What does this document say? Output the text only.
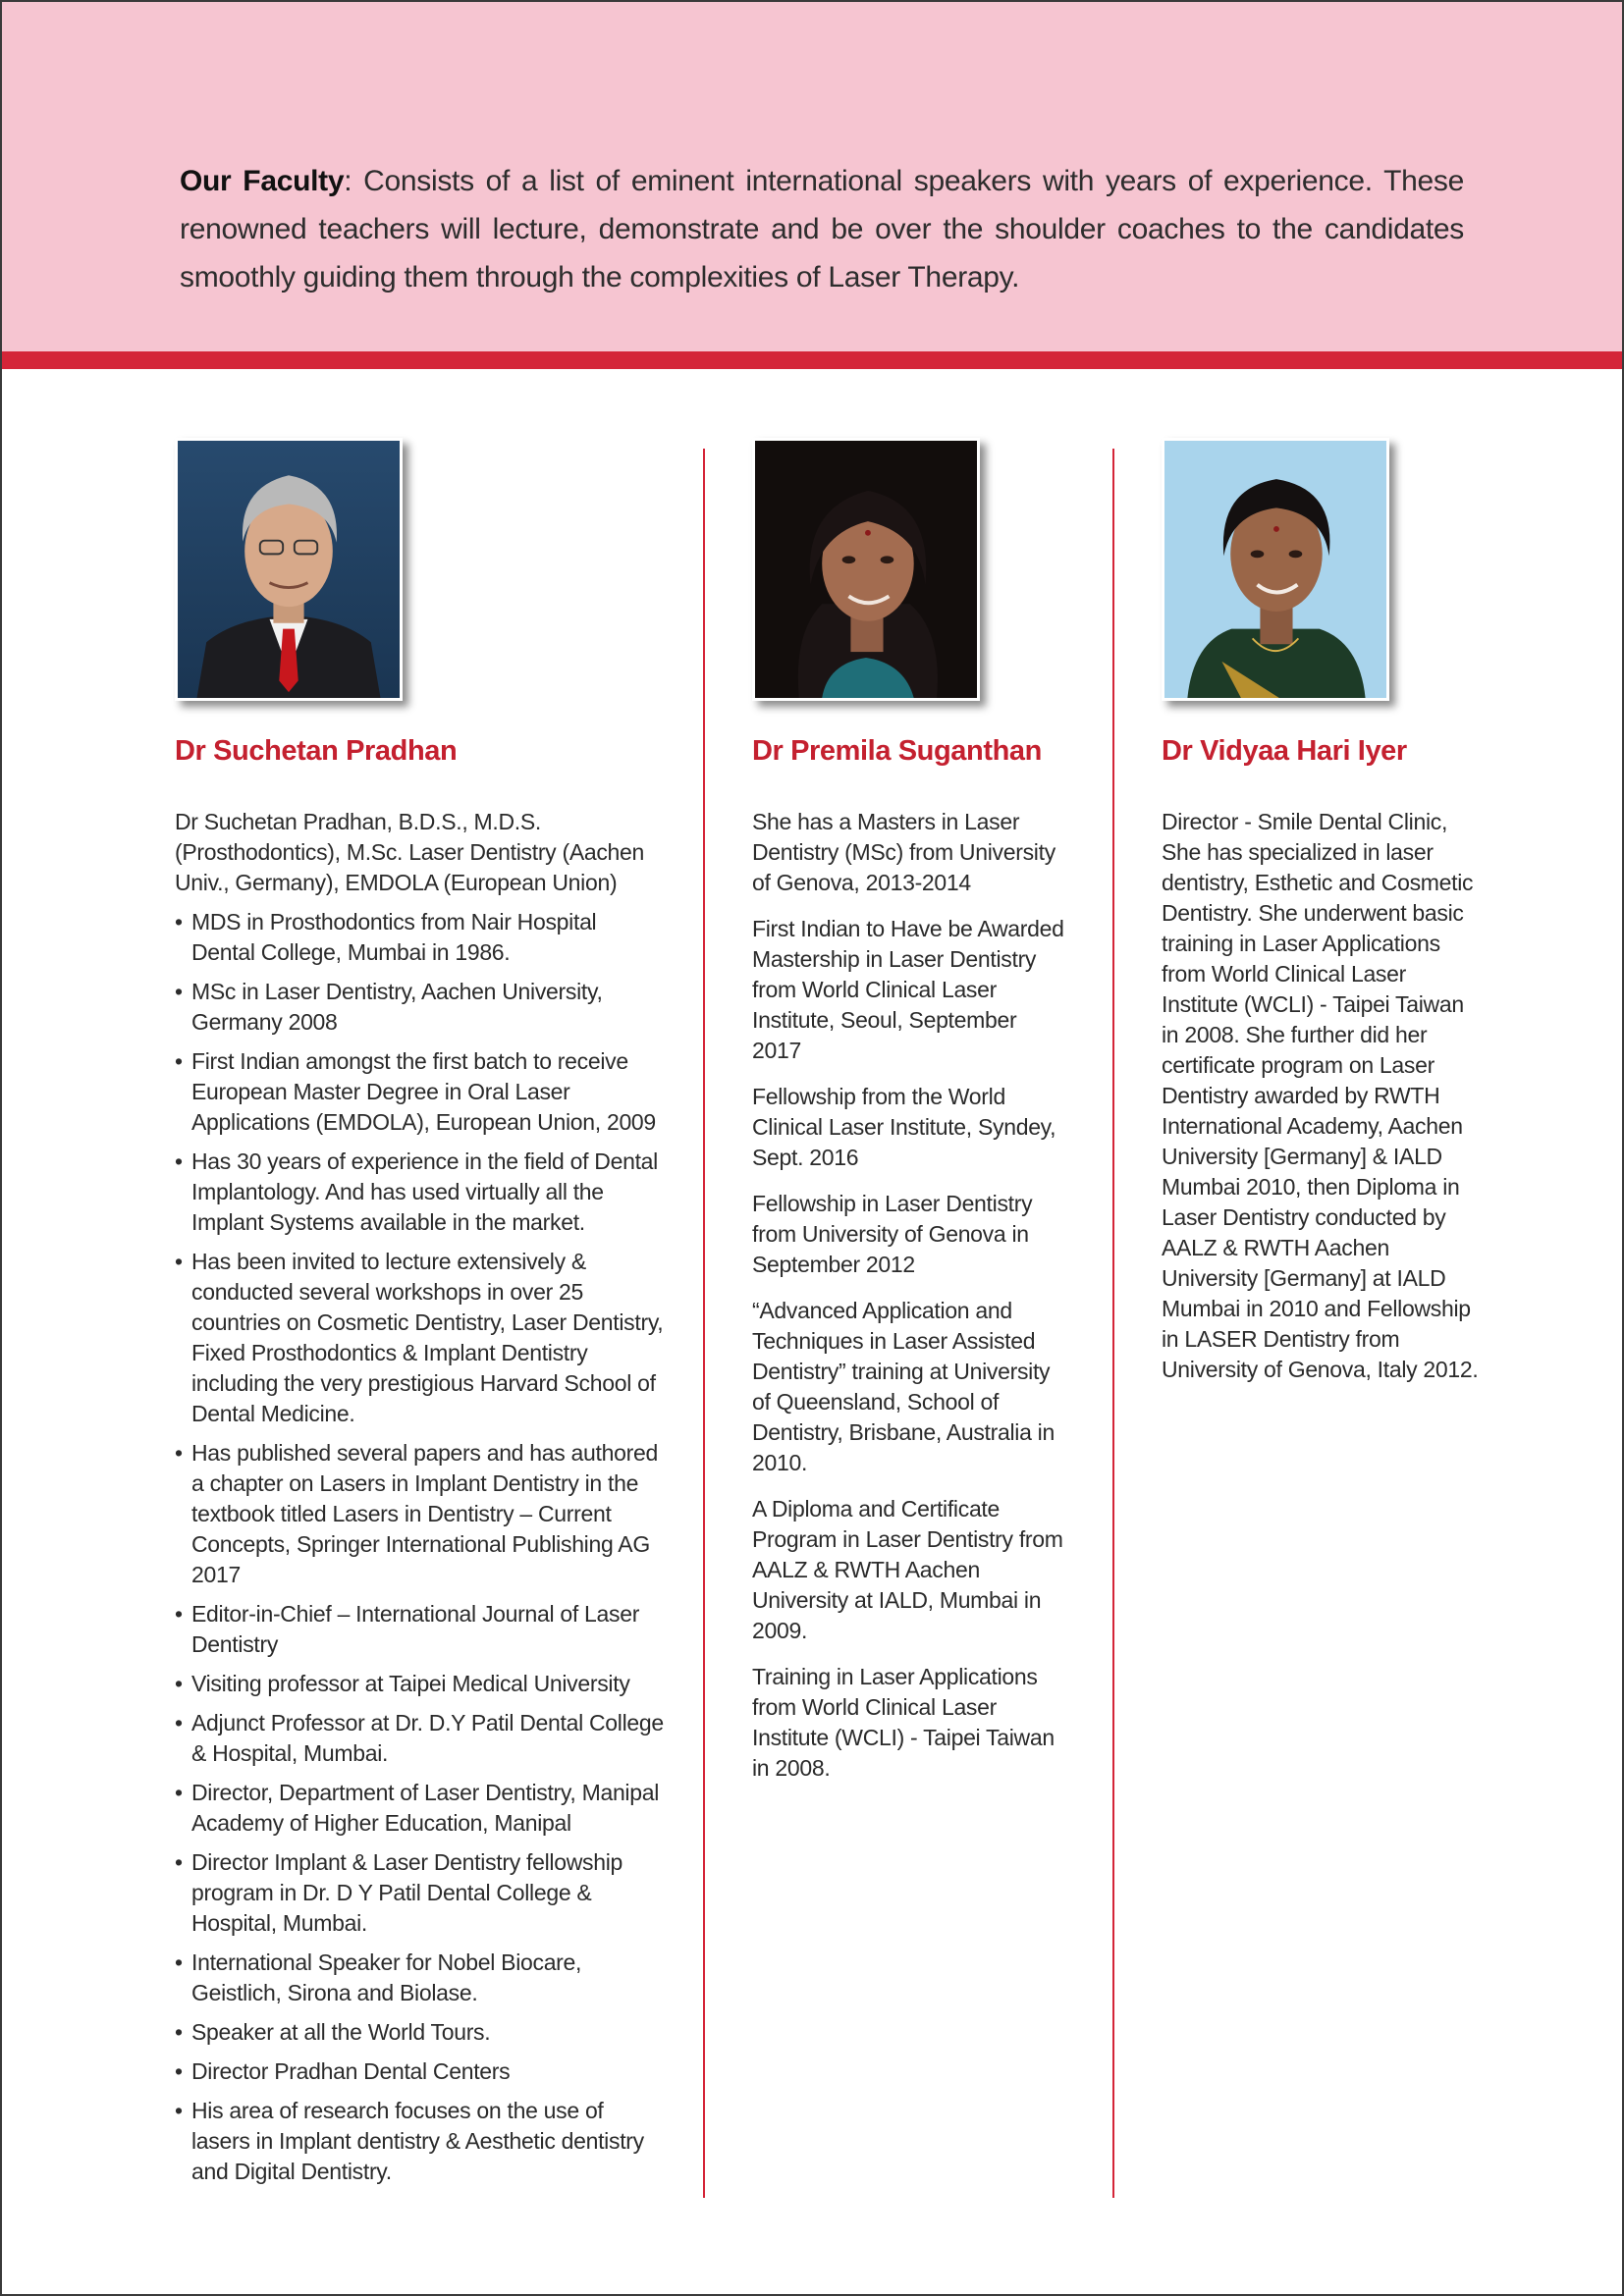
Our Faculty: Consists of a list of eminent international speakers with years of experience. These renowned teachers will lecture, demonstrate and be over the shoulder coaches to the candidates smoothly guiding them through the complexities of Laser Therapy.

Dr Suchetan Pradhan

Dr Suchetan Pradhan, B.D.S., M.D.S. (Prosthodontics), M.Sc. Laser Dentistry (Aachen Univ., Germany), EMDOLA (European Union)

• MDS in Prosthodontics from Nair Hospital Dental College, Mumbai in 1986.
• MSc in Laser Dentistry, Aachen University, Germany 2008
• First Indian amongst the first batch to receive European Master Degree in Oral Laser Applications (EMDOLA), European Union, 2009
• Has 30 years of experience in the field of Dental Implantology. And has used virtually all the Implant Systems available in the market.
• Has been invited to lecture extensively & conducted several workshops in over 25 countries on Cosmetic Dentistry, Laser Dentistry, Fixed Prosthodontics & Implant Dentistry including the very prestigious Harvard School of Dental Medicine.
• Has published several papers and has authored a chapter on Lasers in Implant Dentistry in the textbook titled Lasers in Dentistry – Current Concepts, Springer International Publishing AG 2017
• Editor-in-Chief – International Journal of Laser Dentistry
• Visiting professor at Taipei Medical University
• Adjunct Professor at Dr. D.Y Patil Dental College & Hospital, Mumbai.
• Director, Department of Laser Dentistry, Manipal Academy of Higher Education, Manipal
• Director Implant & Laser Dentistry fellowship program in Dr. D Y Patil Dental College & Hospital, Mumbai.
• International Speaker for Nobel Biocare, Geistlich, Sirona and Biolase.
• Speaker at all the World Tours.
• Director Pradhan Dental Centers
• His area of research focuses on the use of lasers in Implant dentistry & Aesthetic dentistry and Digital Dentistry.
Dr Premila Suganthan

She has a Masters in Laser Dentistry (MSc) from University of Genova, 2013-2014

First Indian to Have be Awarded Mastership in Laser Dentistry from World Clinical Laser Institute, Seoul, September 2017

Fellowship from the World Clinical Laser Institute, Syndey, Sept. 2016

Fellowship in Laser Dentistry from University of Genova in September 2012

“Advanced Application and Techniques in Laser Assisted Dentistry” training at University of Queensland, School of Dentistry, Brisbane, Australia in 2010.

A Diploma and Certificate Program in Laser Dentistry from AALZ & RWTH Aachen University at IALD, Mumbai in 2009.

Training in Laser Applications from World Clinical Laser Institute (WCLI) - Taipei Taiwan in 2008.

Dr Vidyaa Hari Iyer

Director - Smile Dental Clinic, She has specialized in laser dentistry, Esthetic and Cosmetic Dentistry. She underwent basic training in Laser Applications from World Clinical Laser Institute (WCLI) - Taipei Taiwan in 2008. She further did her certificate program on Laser Dentistry awarded by RWTH International Academy, Aachen University [Germany] & IALD Mumbai 2010, then Diploma in Laser Dentistry conducted by AALZ & RWTH Aachen University [Germany] at IALD Mumbai in 2010 and Fellowship in LASER Dentistry from University of Genova, Italy 2012.
